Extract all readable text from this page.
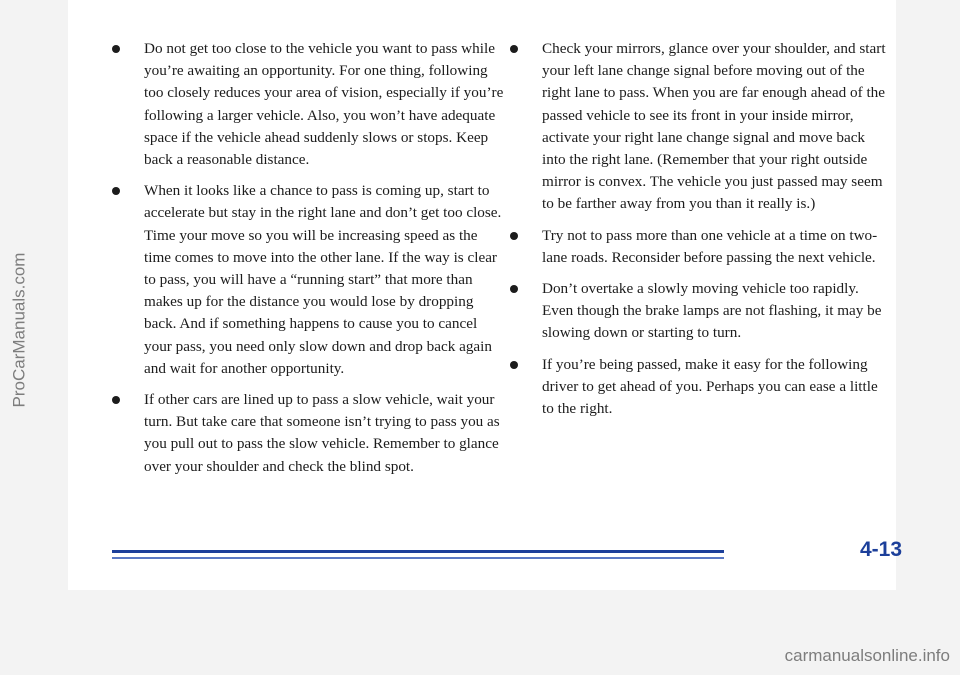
ProCarManuals.com
Do not get too close to the vehicle you want to pass while you’re awaiting an opportunity. For one thing, following too closely reduces your area of vision, especially if you’re following a larger vehicle. Also, you won’t have adequate space if the vehicle ahead suddenly slows or stops. Keep back a reasonable distance.
When it looks like a chance to pass is coming up, start to accelerate but stay in the right lane and don’t get too close. Time your move so you will be increasing speed as the time comes to move into the other lane. If the way is clear to pass, you will have a “running start” that more than makes up for the distance you would lose by dropping back. And if something happens to cause you to cancel your pass, you need only slow down and drop back again and wait for another opportunity.
If other cars are lined up to pass a slow vehicle, wait your turn. But take care that someone isn’t trying to pass you as you pull out to pass the slow vehicle. Remember to glance over your shoulder and check the blind spot.
Check your mirrors, glance over your shoulder, and start your left lane change signal before moving out of the right lane to pass. When you are far enough ahead of the passed vehicle to see its front in your inside mirror, activate your right lane change signal and move back into the right lane. (Remember that your right outside mirror is convex. The vehicle you just passed may seem to be farther away from you than it really is.)
Try not to pass more than one vehicle at a time on two-lane roads. Reconsider before passing the next vehicle.
Don’t overtake a slowly moving vehicle too rapidly. Even though the brake lamps are not flashing, it may be slowing down or starting to turn.
If you’re being passed, make it easy for the following driver to get ahead of you. Perhaps you can ease a little to the right.
4-13
carmanualsonline.info
